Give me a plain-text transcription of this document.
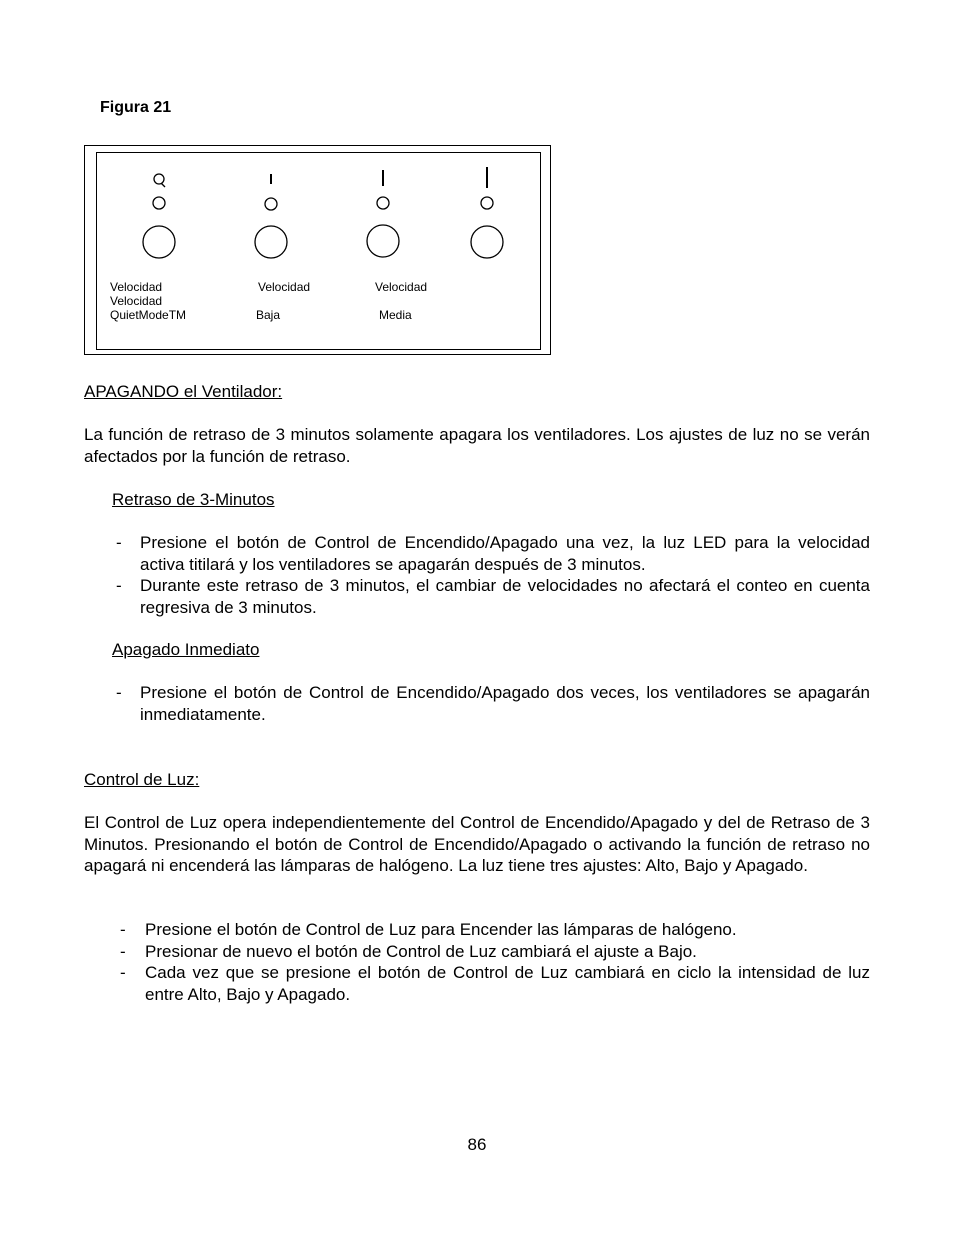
Figura 21
Velocidad
Velocidad
QuietModeTM
Velocidad
Baja
Velocidad
Media
APAGANDO el Ventilador:
La función de retraso de 3 minutos solamente apagara los ventiladores. Los ajustes de luz no se verán afectados por la función de retraso.
Retraso de 3-Minutos
- Presione el botón de Control de Encendido/Apagado una vez, la luz LED para la velocidad activa titilará y los ventiladores se apagarán después de 3 minutos.
- Durante este retraso de 3 minutos, el cambiar de velocidades no afectará el conteo en cuenta regresiva de 3 minutos.
Apagado Inmediato
- Presione el botón de Control de Encendido/Apagado dos veces, los ventiladores se apagarán inmediatamente.
Control de Luz:
El Control de Luz opera independientemente del Control de Encendido/Apagado y del de Retraso de 3 Minutos. Presionando el botón de Control de Encendido/Apagado o activando la función de retraso no apagará ni encenderá las lámparas de halógeno. La luz tiene tres ajustes: Alto, Bajo y Apagado.
- Presione el botón de Control de Luz para Encender las lámparas de halógeno.
- Presionar de nuevo el botón de Control de Luz cambiará el ajuste a Bajo.
- Cada vez que se presione el botón de Control de Luz cambiará en ciclo la intensidad de luz entre Alto, Bajo y Apagado.
86
